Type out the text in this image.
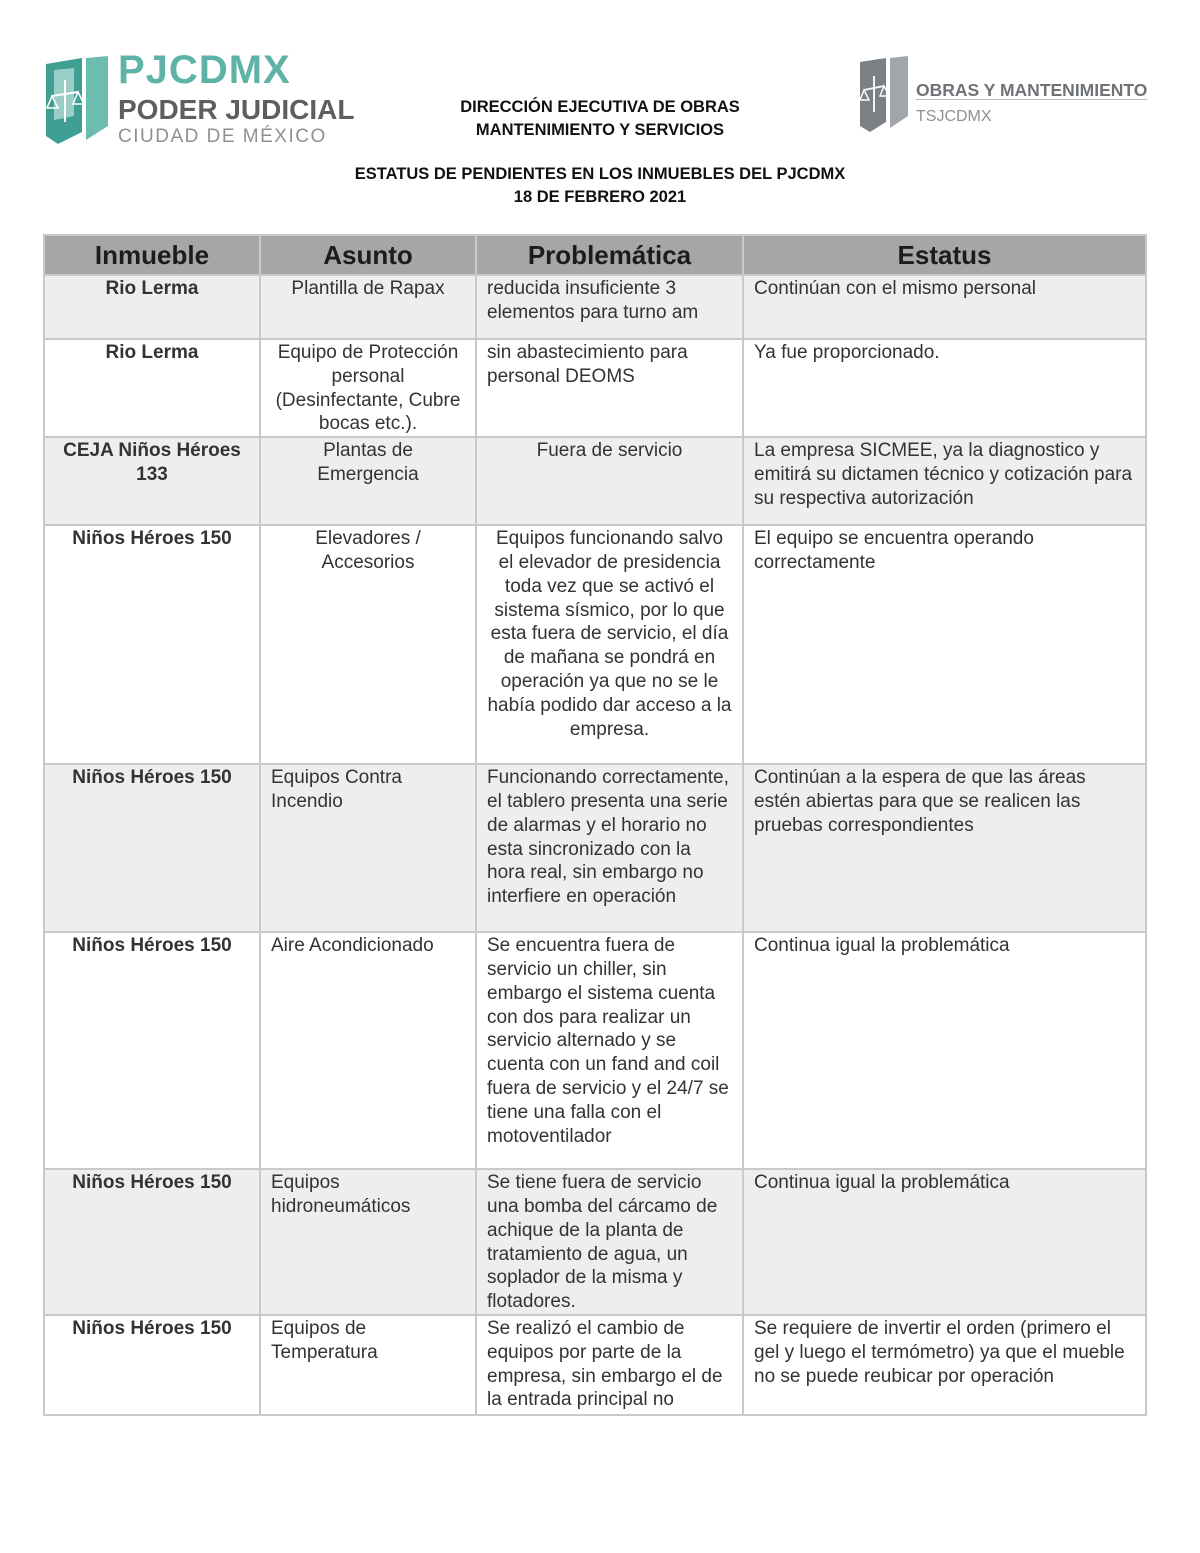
PJCDMX
PODER JUDICIAL
CIUDAD DE MÉXICO
OBRAS Y MANTENIMIENTO
TSJCDMX
DIRECCIÓN EJECUTIVA DE OBRAS
MANTENIMIENTO Y SERVICIOS
ESTATUS DE PENDIENTES EN LOS INMUEBLES DEL PJCDMX
18 DE FEBRERO 2021
Inmueble	Asunto	Problemática	Estatus
Rio Lerma	Plantilla de Rapax	reducida insuficiente 3 elementos para turno am	Continúan con el mismo personal
Rio Lerma	Equipo de Protección personal (Desinfectante, Cubre bocas etc.).	sin abastecimiento para personal DEOMS	Ya fue proporcionado.
CEJA Niños Héroes 133	Plantas de Emergencia	Fuera de servicio	La empresa SICMEE, ya la diagnostico y emitirá su dictamen técnico y cotización para su respectiva autorización
Niños Héroes 150	Elevadores / Accesorios	Equipos funcionando salvo el elevador de presidencia toda vez que se activó el sistema sísmico, por lo que esta fuera de servicio, el día de mañana se pondrá en operación ya que no se le había podido dar acceso a la empresa.	El equipo se encuentra operando correctamente
Niños Héroes 150	Equipos Contra Incendio	Funcionando correctamente, el tablero presenta una serie de alarmas y el horario no esta sincronizado con la hora real, sin embargo no interfiere en operación	Continúan a la espera de que las áreas estén abiertas para que se realicen las pruebas correspondientes
Niños Héroes 150	Aire Acondicionado	Se encuentra fuera de servicio un chiller, sin embargo el sistema cuenta con dos para realizar un servicio alternado y se cuenta con un fand and coil fuera de servicio y el 24/7 se tiene una falla con el motoventilador	Continua igual la problemática
Niños Héroes 150	Equipos hidroneumáticos	Se tiene fuera de servicio una bomba del cárcamo de achique de la planta de tratamiento de agua, un soplador de la misma y flotadores.	Continua igual la problemática
Niños Héroes 150	Equipos de Temperatura	Se realizó el cambio de equipos por parte de la empresa, sin embargo el de la entrada principal no	Se requiere de invertir el orden (primero el gel y luego el termómetro) ya que el mueble no se puede reubicar por operación
